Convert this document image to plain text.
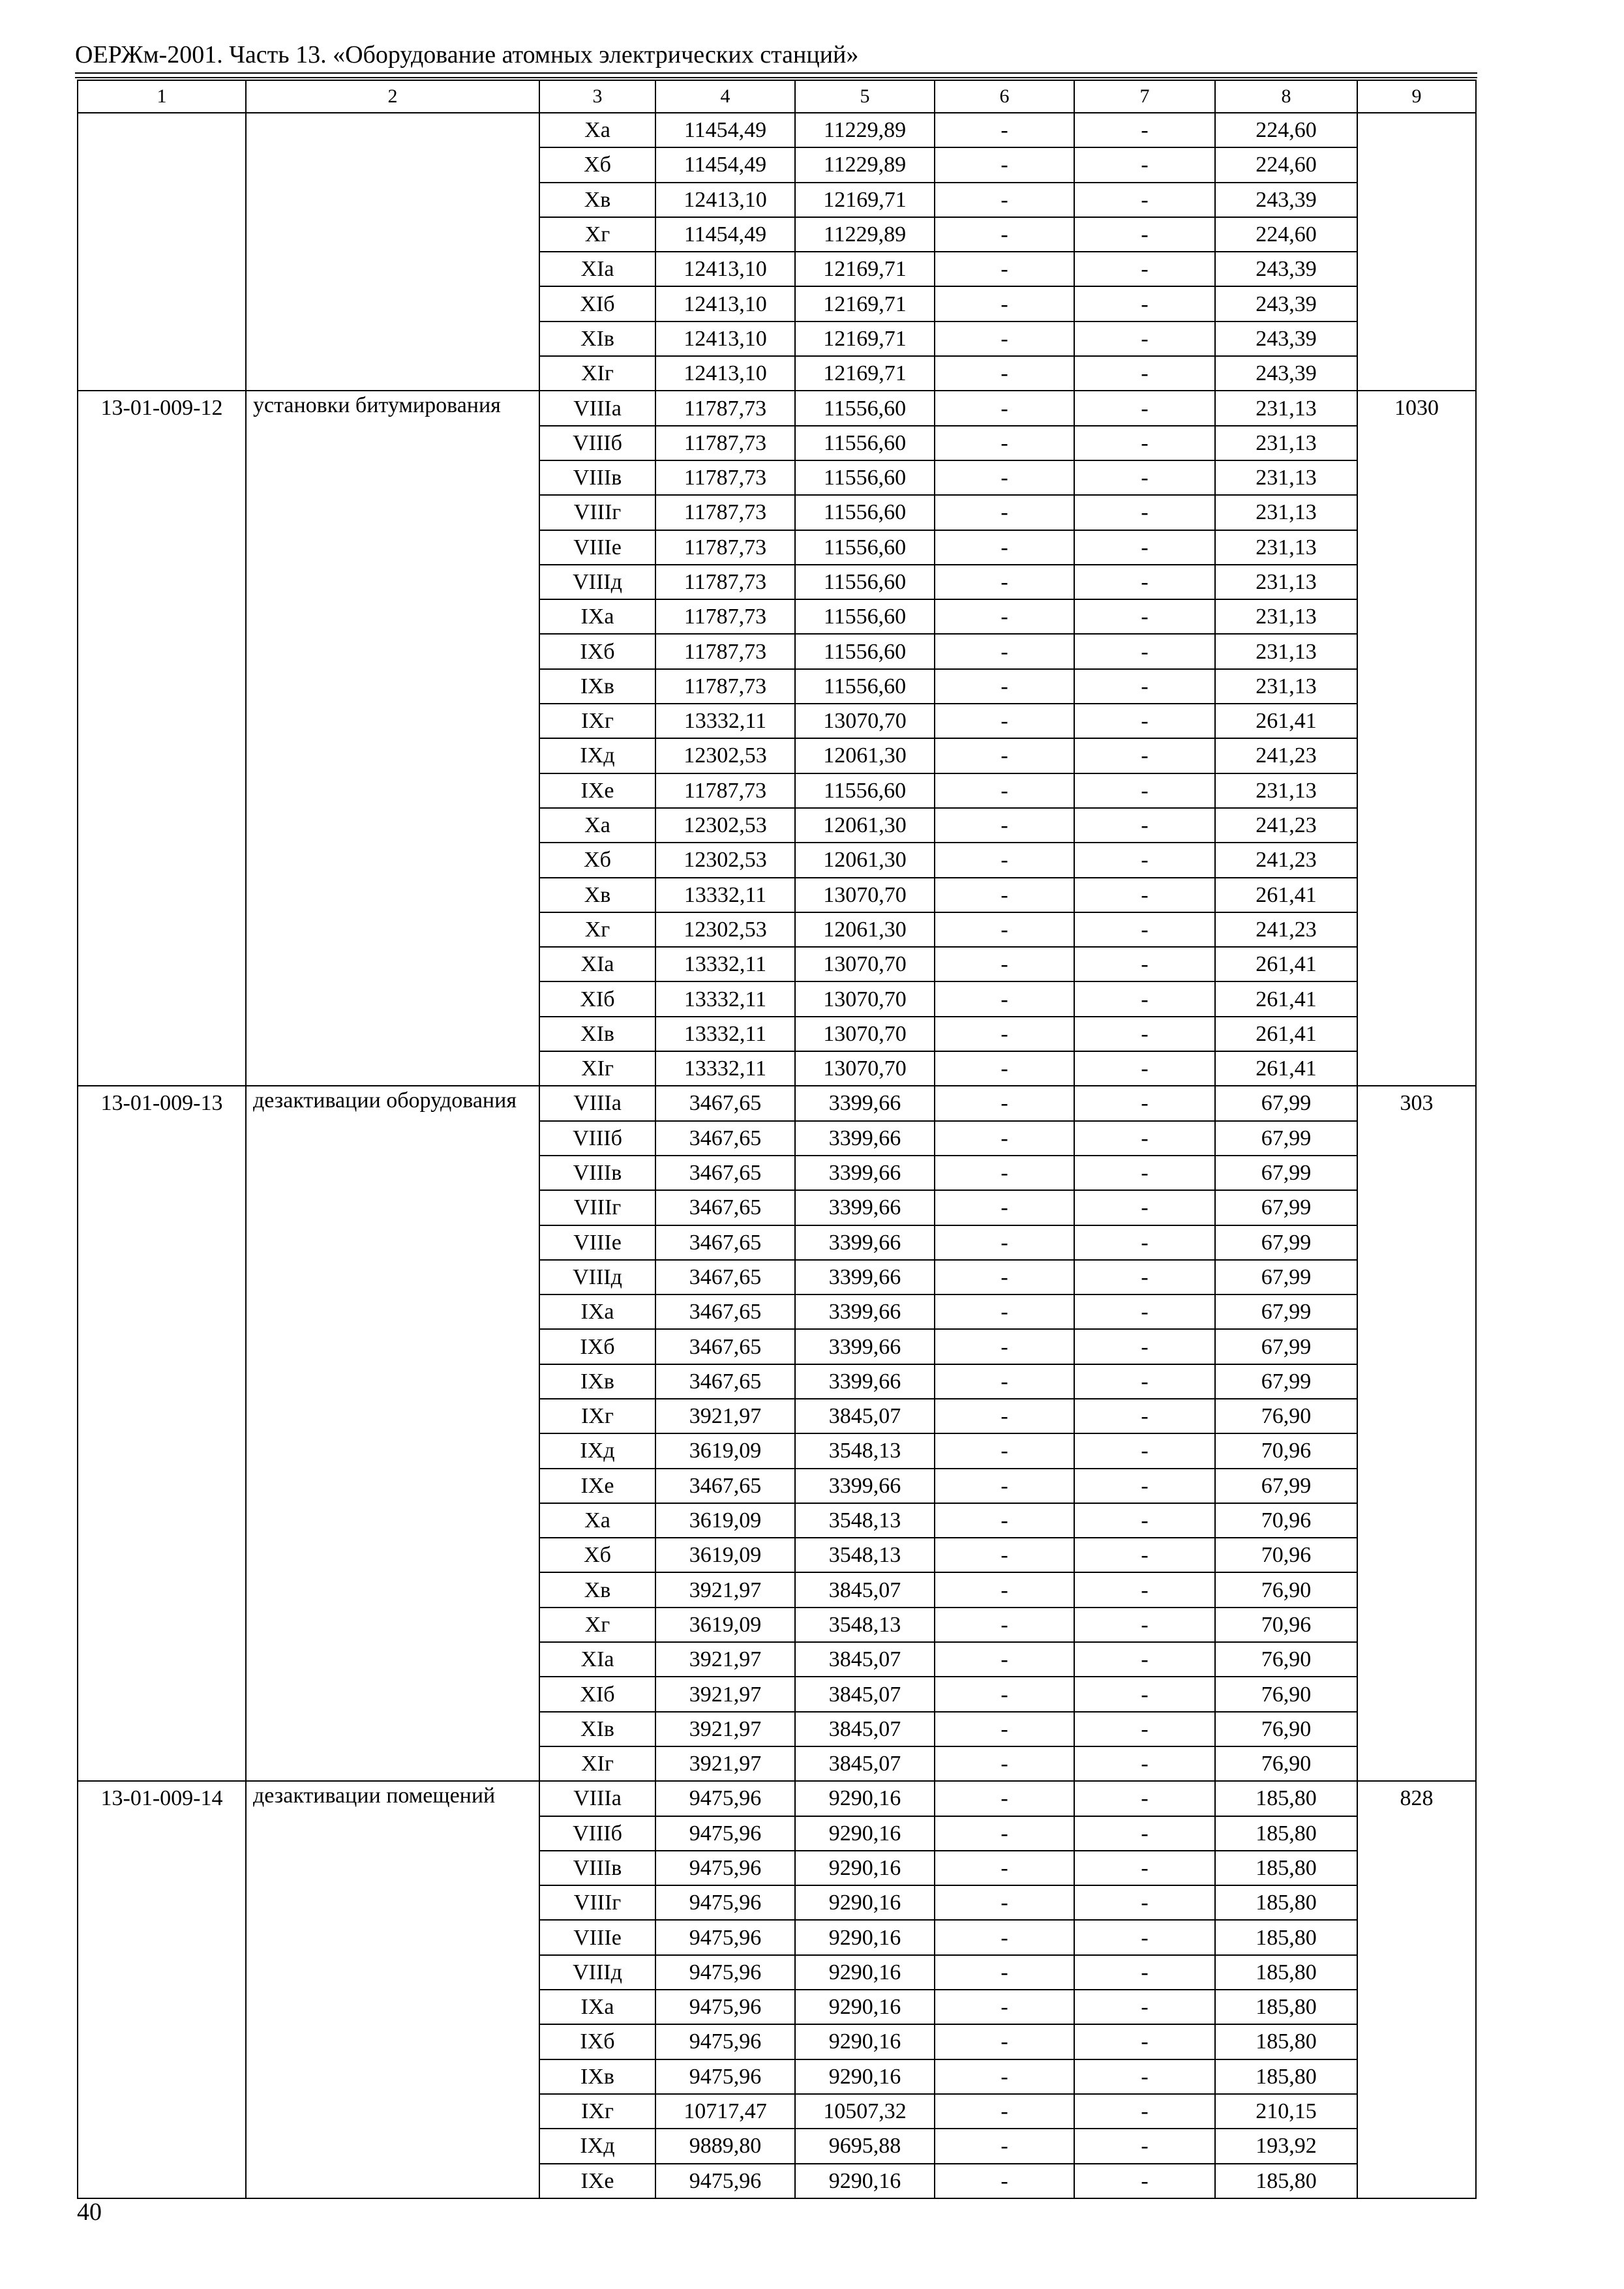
ОЕРЖм-2001. Часть 13. «Оборудование атомных электрических станций»
1	2	3	4	5	6	7	8	9
		Xa	11454,49	11229,89	-	-	224,60	
		Xб	11454,49	11229,89	-	-	224,60	
		Xв	12413,10	12169,71	-	-	243,39	
		Xг	11454,49	11229,89	-	-	224,60	
		XIa	12413,10	12169,71	-	-	243,39	
		XIб	12413,10	12169,71	-	-	243,39	
		XIв	12413,10	12169,71	-	-	243,39	
		XIг	12413,10	12169,71	-	-	243,39	
13-01-009-12	установки битумирования	VIIIa	11787,73	11556,60	-	-	231,13	1030
		VIIIб	11787,73	11556,60	-	-	231,13	
		VIIIв	11787,73	11556,60	-	-	231,13	
		VIIIг	11787,73	11556,60	-	-	231,13	
		VIIIe	11787,73	11556,60	-	-	231,13	
		VIIIд	11787,73	11556,60	-	-	231,13	
		IXa	11787,73	11556,60	-	-	231,13	
		IXб	11787,73	11556,60	-	-	231,13	
		IXв	11787,73	11556,60	-	-	231,13	
		IXг	13332,11	13070,70	-	-	261,41	
		IXд	12302,53	12061,30	-	-	241,23	
		IXe	11787,73	11556,60	-	-	231,13	
		Xa	12302,53	12061,30	-	-	241,23	
		Xб	12302,53	12061,30	-	-	241,23	
		Xв	13332,11	13070,70	-	-	261,41	
		Xг	12302,53	12061,30	-	-	241,23	
		XIa	13332,11	13070,70	-	-	261,41	
		XIб	13332,11	13070,70	-	-	261,41	
		XIв	13332,11	13070,70	-	-	261,41	
		XIг	13332,11	13070,70	-	-	261,41	
13-01-009-13	дезактивации оборудования	VIIIa	3467,65	3399,66	-	-	67,99	303
		VIIIб	3467,65	3399,66	-	-	67,99	
		VIIIв	3467,65	3399,66	-	-	67,99	
		VIIIг	3467,65	3399,66	-	-	67,99	
		VIIIe	3467,65	3399,66	-	-	67,99	
		VIIIд	3467,65	3399,66	-	-	67,99	
		IXa	3467,65	3399,66	-	-	67,99	
		IXб	3467,65	3399,66	-	-	67,99	
		IXв	3467,65	3399,66	-	-	67,99	
		IXг	3921,97	3845,07	-	-	76,90	
		IXд	3619,09	3548,13	-	-	70,96	
		IXe	3467,65	3399,66	-	-	67,99	
		Xa	3619,09	3548,13	-	-	70,96	
		Xб	3619,09	3548,13	-	-	70,96	
		Xв	3921,97	3845,07	-	-	76,90	
		Xг	3619,09	3548,13	-	-	70,96	
		XIa	3921,97	3845,07	-	-	76,90	
		XIб	3921,97	3845,07	-	-	76,90	
		XIв	3921,97	3845,07	-	-	76,90	
		XIг	3921,97	3845,07	-	-	76,90	
13-01-009-14	дезактивации помещений	VIIIa	9475,96	9290,16	-	-	185,80	828
		VIIIб	9475,96	9290,16	-	-	185,80	
		VIIIв	9475,96	9290,16	-	-	185,80	
		VIIIг	9475,96	9290,16	-	-	185,80	
		VIIIe	9475,96	9290,16	-	-	185,80	
		VIIIд	9475,96	9290,16	-	-	185,80	
		IXa	9475,96	9290,16	-	-	185,80	
		IXб	9475,96	9290,16	-	-	185,80	
		IXв	9475,96	9290,16	-	-	185,80	
		IXг	10717,47	10507,32	-	-	210,15	
		IXд	9889,80	9695,88	-	-	193,92	
		IXe	9475,96	9290,16	-	-	185,80	
40
